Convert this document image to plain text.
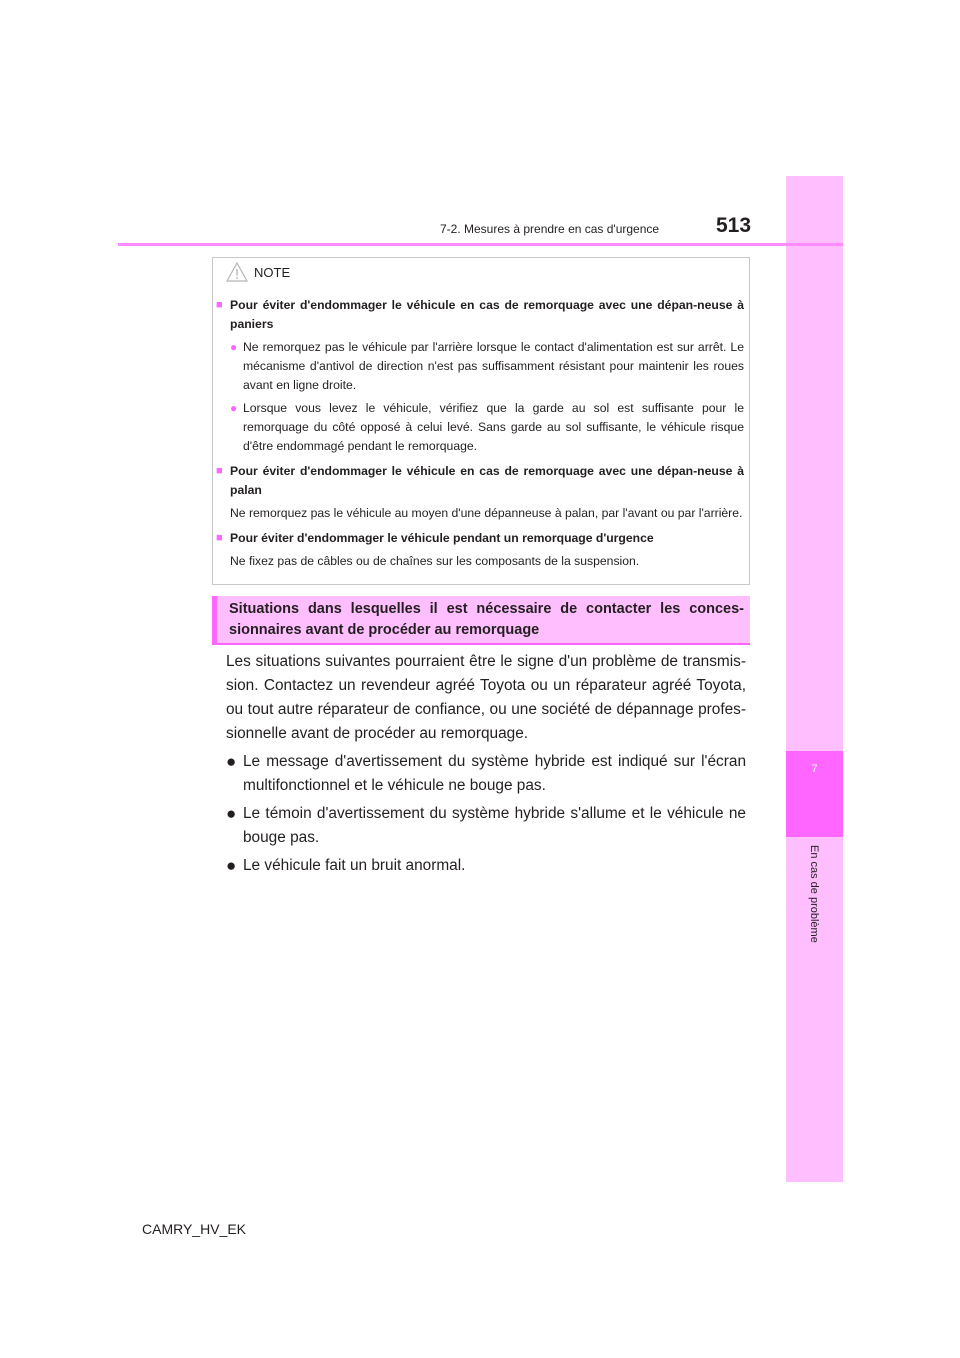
7
En cas de problème
7-2. Mesures à prendre en cas d'urgence	513
NOTE
■ Pour éviter d'endommager le véhicule en cas de remorquage avec une dépan-neuse à paniers
● Ne remorquez pas le véhicule par l'arrière lorsque le contact d'alimentation est sur arrêt. Le mécanisme d'antivol de direction n'est pas suffisamment résistant pour maintenir les roues avant en ligne droite.
● Lorsque vous levez le véhicule, vérifiez que la garde au sol est suffisante pour le remorquage du côté opposé à celui levé. Sans garde au sol suffisante, le véhicule risque d'être endommagé pendant le remorquage.
■ Pour éviter d'endommager le véhicule en cas de remorquage avec une dépan-neuse à palan
Ne remorquez pas le véhicule au moyen d'une dépanneuse à palan, par l'avant ou par l'arrière.
■ Pour éviter d'endommager le véhicule pendant un remorquage d'urgence
Ne fixez pas de câbles ou de chaînes sur les composants de la suspension.
Situations dans lesquelles il est nécessaire de contacter les conces-sionnaires avant de procéder au remorquage
Les situations suivantes pourraient être le signe d'un problème de transmis-sion. Contactez un revendeur agréé Toyota ou un réparateur agréé Toyota, ou tout autre réparateur de confiance, ou une société de dépannage profes-sionnelle avant de procéder au remorquage.
● Le message d'avertissement du système hybride est indiqué sur l'écran multifonctionnel et le véhicule ne bouge pas.
● Le témoin d'avertissement du système hybride s'allume et le véhicule ne bouge pas.
● Le véhicule fait un bruit anormal.
CAMRY_HV_EK
